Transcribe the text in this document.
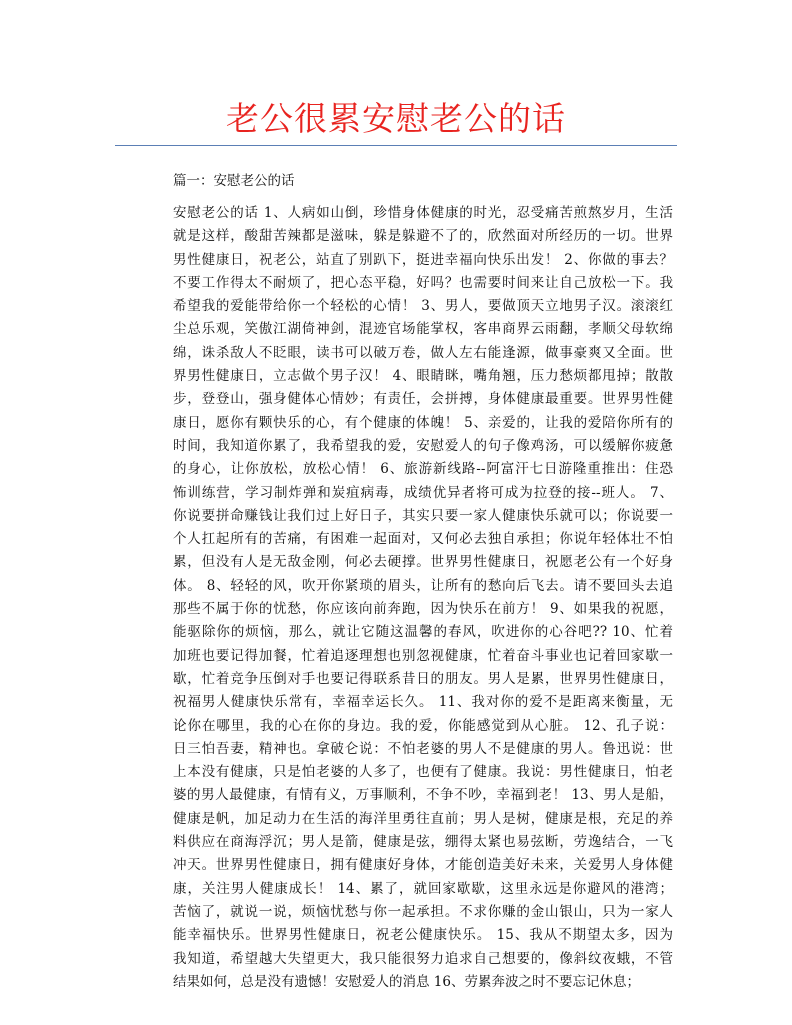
老公很累安慰老公的话
篇一：安慰老公的话
安慰老公的话 1、人病如山倒，珍惜身体健康的时光，忍受痛苦煎熬岁月，生活
就是这样，酸甜苦辣都是滋味，躲是躲避不了的，欣然面对所经历的一切。世界
男性健康日，祝老公，站直了别趴下，挺进幸福向快乐出发！ 2、你做的事去？
不要工作得太不耐烦了，把心态平稳，好吗？也需要时间来让自己放松一下。我
希望我的爱能带给你一个轻松的心情！ 3、男人，要做顶天立地男子汉。滚滚红
尘总乐观，笑傲江湖倚神剑，混迹官场能掌权，客串商界云雨翻，孝顺父母软绵
绵，诛杀敌人不眨眼，读书可以破万卷，做人左右能逢源，做事豪爽又全面。世
界男性健康日，立志做个男子汉！ 4、眼睛眯，嘴角翘，压力愁烦都甩掉；散散
步，登登山，强身健体心情妙；有责任，会拼搏，身体健康最重要。世界男性健
康日，愿你有颗快乐的心，有个健康的体魄！ 5、亲爱的，让我的爱陪你所有的
时间，我知道你累了，我希望我的爱，安慰爱人的句子像鸡汤，可以缓解你疲惫
的身心，让你放松，放松心情！ 6、旅游新线路--阿富汗七日游隆重推出：住恐
怖训练营，学习制炸弹和炭疽病毒，成绩优异者将可成为拉登的接--班人。 7、
你说要拼命赚钱让我们过上好日子，其实只要一家人健康快乐就可以；你说要一
个人扛起所有的苦痛，有困难一起面对，又何必去独自承担；你说年轻体壮不怕
累，但没有人是无敌金刚，何必去硬撑。世界男性健康日，祝愿老公有一个好身
体。 8、轻轻的风，吹开你紧琐的眉头，让所有的愁向后飞去。请不要回头去追
那些不属于你的忧愁，你应该向前奔跑，因为快乐在前方！ 9、如果我的祝愿，
能驱除你的烦恼，那么，就让它随这温馨的春风，吹进你的心谷吧?? 10、忙着
加班也要记得加餐，忙着追逐理想也别忽视健康，忙着奋斗事业也记着回家歇一
歇，忙着竞争压倒对手也要记得联系昔日的朋友。男人是累，世界男性健康日，
祝福男人健康快乐常有，幸福幸运长久。 11、我对你的爱不是距离来衡量，无
论你在哪里，我的心在你的身边。我的爱，你能感觉到从心脏。 12、孔子说：
日三怕吾妻，精神也。拿破仑说：不怕老婆的男人不是健康的男人。鲁迅说：世
上本没有健康，只是怕老婆的人多了，也便有了健康。我说：男性健康日，怕老
婆的男人最健康，有情有义，万事顺利，不争不吵，幸福到老！ 13、男人是船，
健康是帆，加足动力在生活的海洋里勇往直前；男人是树，健康是根，充足的养
料供应在商海浮沉；男人是箭，健康是弦，绷得太紧也易弦断，劳逸结合，一飞
冲天。世界男性健康日，拥有健康好身体，才能创造美好未来，关爱男人身体健
康，关注男人健康成长！ 14、累了，就回家歇歇，这里永远是你避风的港湾；
苦恼了，就说一说，烦恼忧愁与你一起承担。不求你赚的金山银山，只为一家人
能幸福快乐。世界男性健康日，祝老公健康快乐。 15、我从不期望太多，因为
我知道，希望越大失望更大，我只能很努力追求自己想要的，像斜纹夜蛾，不管
结果如何，总是没有遗憾！安慰爱人的消息 16、劳累奔波之时不要忘记休息；
